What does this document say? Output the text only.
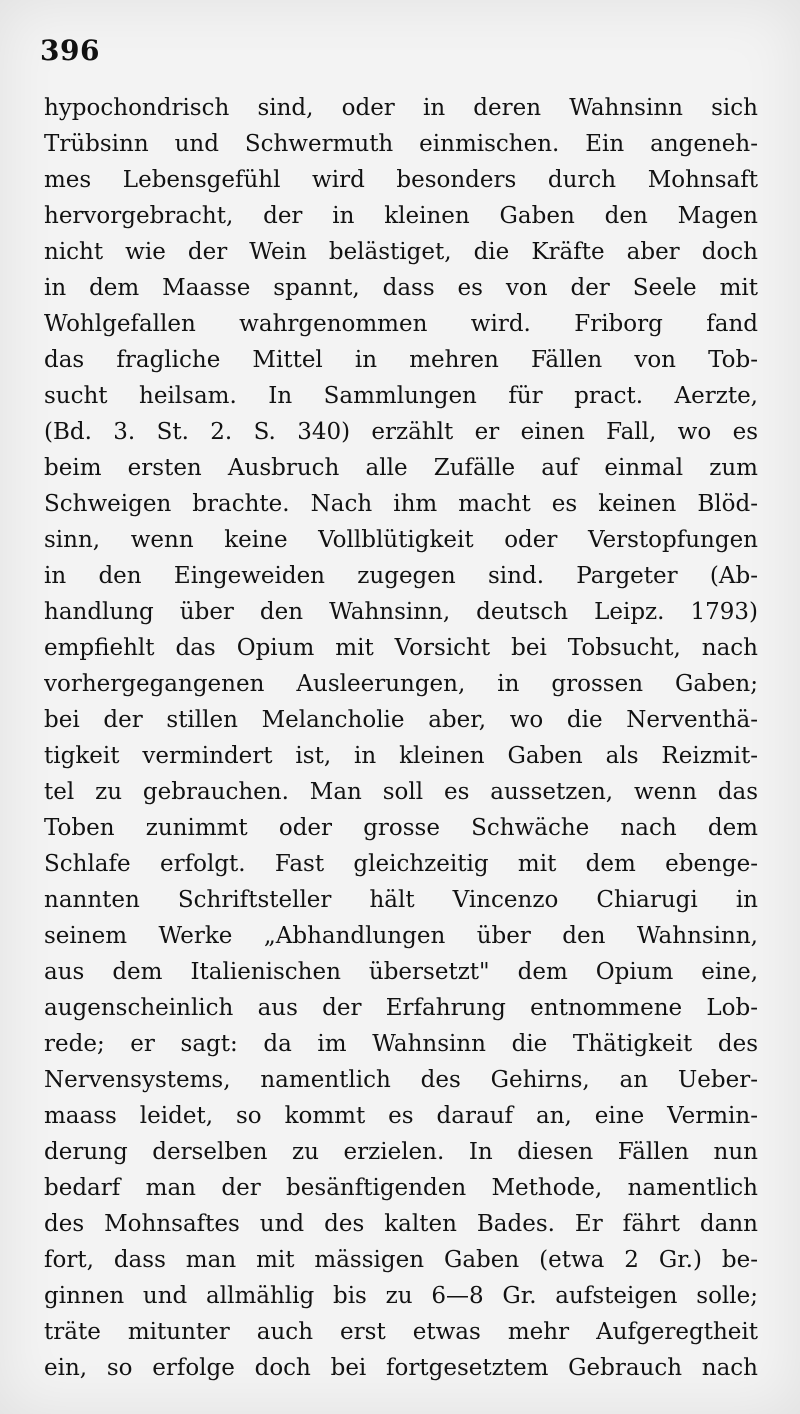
396
hypochondrisch sind, oder in deren Wahnsinn sich
Trübsinn und Schwermuth einmischen. Ein angeneh-
mes Lebensgefühl wird besonders durch Mohnsaft
hervorgebracht, der in kleinen Gaben den Magen
nicht wie der Wein belästiget, die Kräfte aber doch
in dem Maasse spannt, dass es von der Seele mit
Wohlgefallen wahrgenommen wird. Friborg fand
das fragliche Mittel in mehren Fällen von Tob-
sucht heilsam. In Sammlungen für pract. Aerzte,
(Bd. 3. St. 2. S. 340) erzählt er einen Fall, wo es
beim ersten Ausbruch alle Zufälle auf einmal zum
Schweigen brachte. Nach ihm macht es keinen Blöd-
sinn, wenn keine Vollblütigkeit oder Verstopfungen
in den Eingeweiden zugegen sind. Pargeter (Ab-
handlung über den Wahnsinn, deutsch Leipz. 1793)
empfiehlt das Opium mit Vorsicht bei Tobsucht, nach
vorhergegangenen Ausleerungen, in grossen Gaben;
bei der stillen Melancholie aber, wo die Nerventhä-
tigkeit vermindert ist, in kleinen Gaben als Reizmit-
tel zu gebrauchen. Man soll es aussetzen, wenn das
Toben zunimmt oder grosse Schwäche nach dem
Schlafe erfolgt. Fast gleichzeitig mit dem ebenge-
nannten Schriftsteller hält Vincenzo Chiarugi in
seinem Werke „Abhandlungen über den Wahnsinn,
aus dem Italienischen übersetzt" dem Opium eine,
augenscheinlich aus der Erfahrung entnommene Lob-
rede; er sagt: da im Wahnsinn die Thätigkeit des
Nervensystems, namentlich des Gehirns, an Ueber-
maass leidet, so kommt es darauf an, eine Vermin-
derung derselben zu erzielen. In diesen Fällen nun
bedarf man der besänftigenden Methode, namentlich
des Mohnsaftes und des kalten Bades. Er fährt dann
fort, dass man mit mässigen Gaben (etwa 2 Gr.) be-
ginnen und allmählig bis zu 6—8 Gr. aufsteigen solle;
träte mitunter auch erst etwas mehr Aufgeregtheit
ein, so erfolge doch bei fortgesetztem Gebrauch nach
